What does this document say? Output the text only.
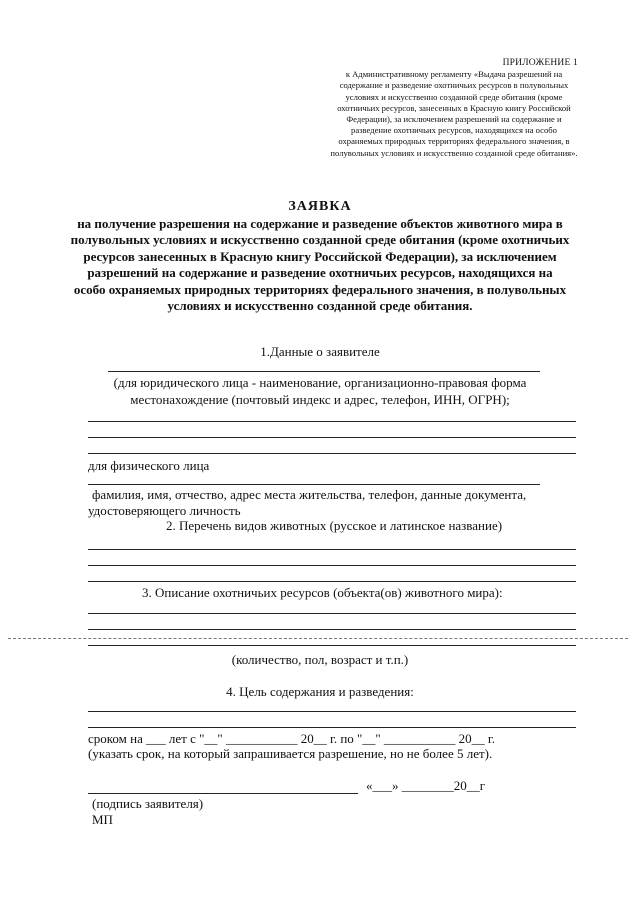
ПРИЛОЖЕНИЕ 1
к Административному регламенту «Выдача разрешений на содержание и разведение охотничьих ресурсов в полувольных условиях и искусственно созданной среде обитания (кроме охотничьих ресурсов, занесенных в Красную книгу Российской Федерации), за исключением разрешений на содержание и разведение охотничьих ресурсов, находящихся на особо охраняемых природных территориях федерального значения, в полувольных условиях и искусственно созданной среде обитания».
ЗАЯВКА
на получение разрешения на содержание и разведение объектов животного мира в полувольных условиях и искусственно созданной среде обитания (кроме охотничьих ресурсов занесенных в Красную книгу Российской Федерации), за исключением разрешений на содержание и разведение охотничьих ресурсов, находящихся на особо охраняемых природных территориях федерального значения, в полувольных условиях и искусственно созданной среде обитания.
1.Данные о заявителе
(для юридического лица - наименование, организационно-правовая форма
местонахождение (почтовый индекс и адрес, телефон, ИНН, ОГРН);
для физического лица
фамилия, имя, отчество, адрес места жительства, телефон, данные документа,
удостоверяющего личность
2. Перечень видов животных (русское и латинское название)
3. Описание охотничьих ресурсов (объекта(ов) животного мира):
(количество, пол, возраст и т.п.)
4. Цель содержания и разведения:
сроком на ___ лет с "__" ___________ 20__ г. по "__" ___________ 20__ г.
(указать срок, на который запрашивается разрешение, но не более 5 лет).
«___» ________20__г
(подпись заявителя)
МП
